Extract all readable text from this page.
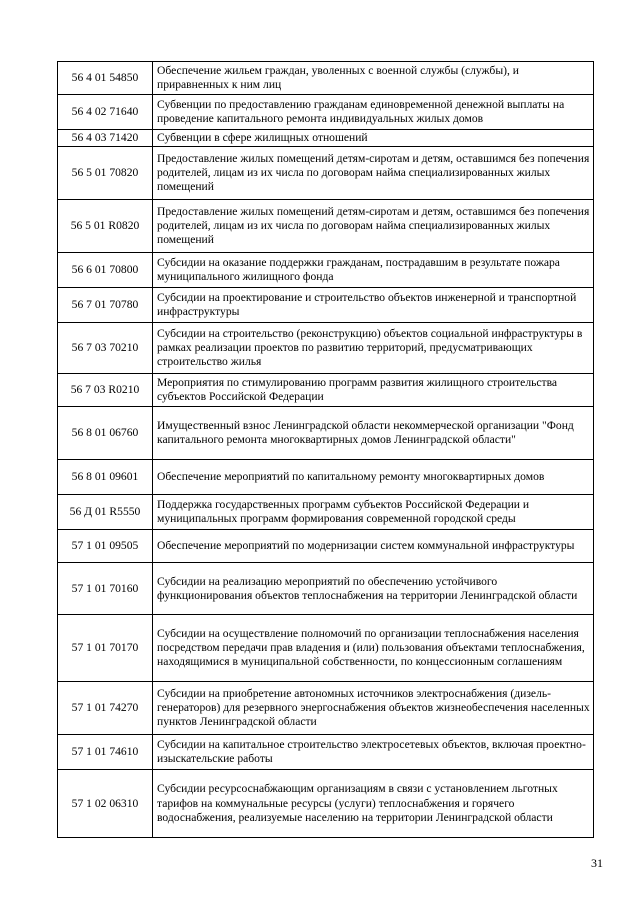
56 4 01 54850	Обеспечение жильем граждан, уволенных с военной службы (службы), и приравненных к ним лиц
56 4 02 71640	Субвенции по предоставлению гражданам единовременной денежной выплаты на проведение капитального ремонта индивидуальных жилых домов
56 4 03 71420	Субвенции в сфере жилищных отношений
56 5 01 70820	Предоставление жилых помещений детям-сиротам и детям, оставшимся без попечения родителей, лицам из их числа по договорам найма специализированных жилых помещений
56 5 01 R0820	Предоставление жилых помещений детям-сиротам и детям, оставшимся без попечения родителей, лицам из их числа по договорам найма специализированных жилых помещений
56 6 01 70800	Субсидии на оказание поддержки гражданам, пострадавшим в результате пожара муниципального жилищного фонда
56 7 01 70780	Субсидии на проектирование и строительство объектов инженерной и транспортной инфраструктуры
56 7 03 70210	Субсидии на строительство (реконструкцию) объектов социальной инфраструктуры в рамках реализации проектов по развитию территорий, предусматривающих строительство жилья
56 7 03 R0210	Мероприятия по стимулированию программ развития жилищного строительства субъектов Российской Федерации
56 8 01 06760	Имущественный взнос Ленинградской области некоммерческой организации "Фонд капитального ремонта многоквартирных домов Ленинградской области"
56 8 01 09601	Обеспечение мероприятий по капитальному ремонту многоквартирных домов
56 Д 01 R5550	Поддержка государственных программ субъектов Российской Федерации и муниципальных программ формирования современной городской среды
57 1 01 09505	Обеспечение мероприятий по модернизации систем коммунальной инфраструктуры
57 1 01 70160	Субсидии на реализацию мероприятий по обеспечению устойчивого функционирования объектов теплоснабжения на территории Ленинградской области
57 1 01 70170	Субсидии на осуществление полномочий по организации теплоснабжения населения посредством передачи прав владения и (или) пользования объектами теплоснабжения, находящимися в муниципальной собственности, по концессионным соглашениям
57 1 01 74270	Субсидии на приобретение автономных источников электроснабжения (дизель-генераторов) для резервного энергоснабжения объектов жизнеобеспечения населенных пунктов Ленинградской области
57 1 01 74610	Субсидии на капитальное строительство электросетевых объектов, включая проектно-изыскательские работы
57 1 02 06310	Субсидии ресурсоснабжающим организациям в связи с установлением льготных тарифов на коммунальные ресурсы (услуги) теплоснабжения и горячего водоснабжения, реализуемые населению на территории Ленинградской области
31
